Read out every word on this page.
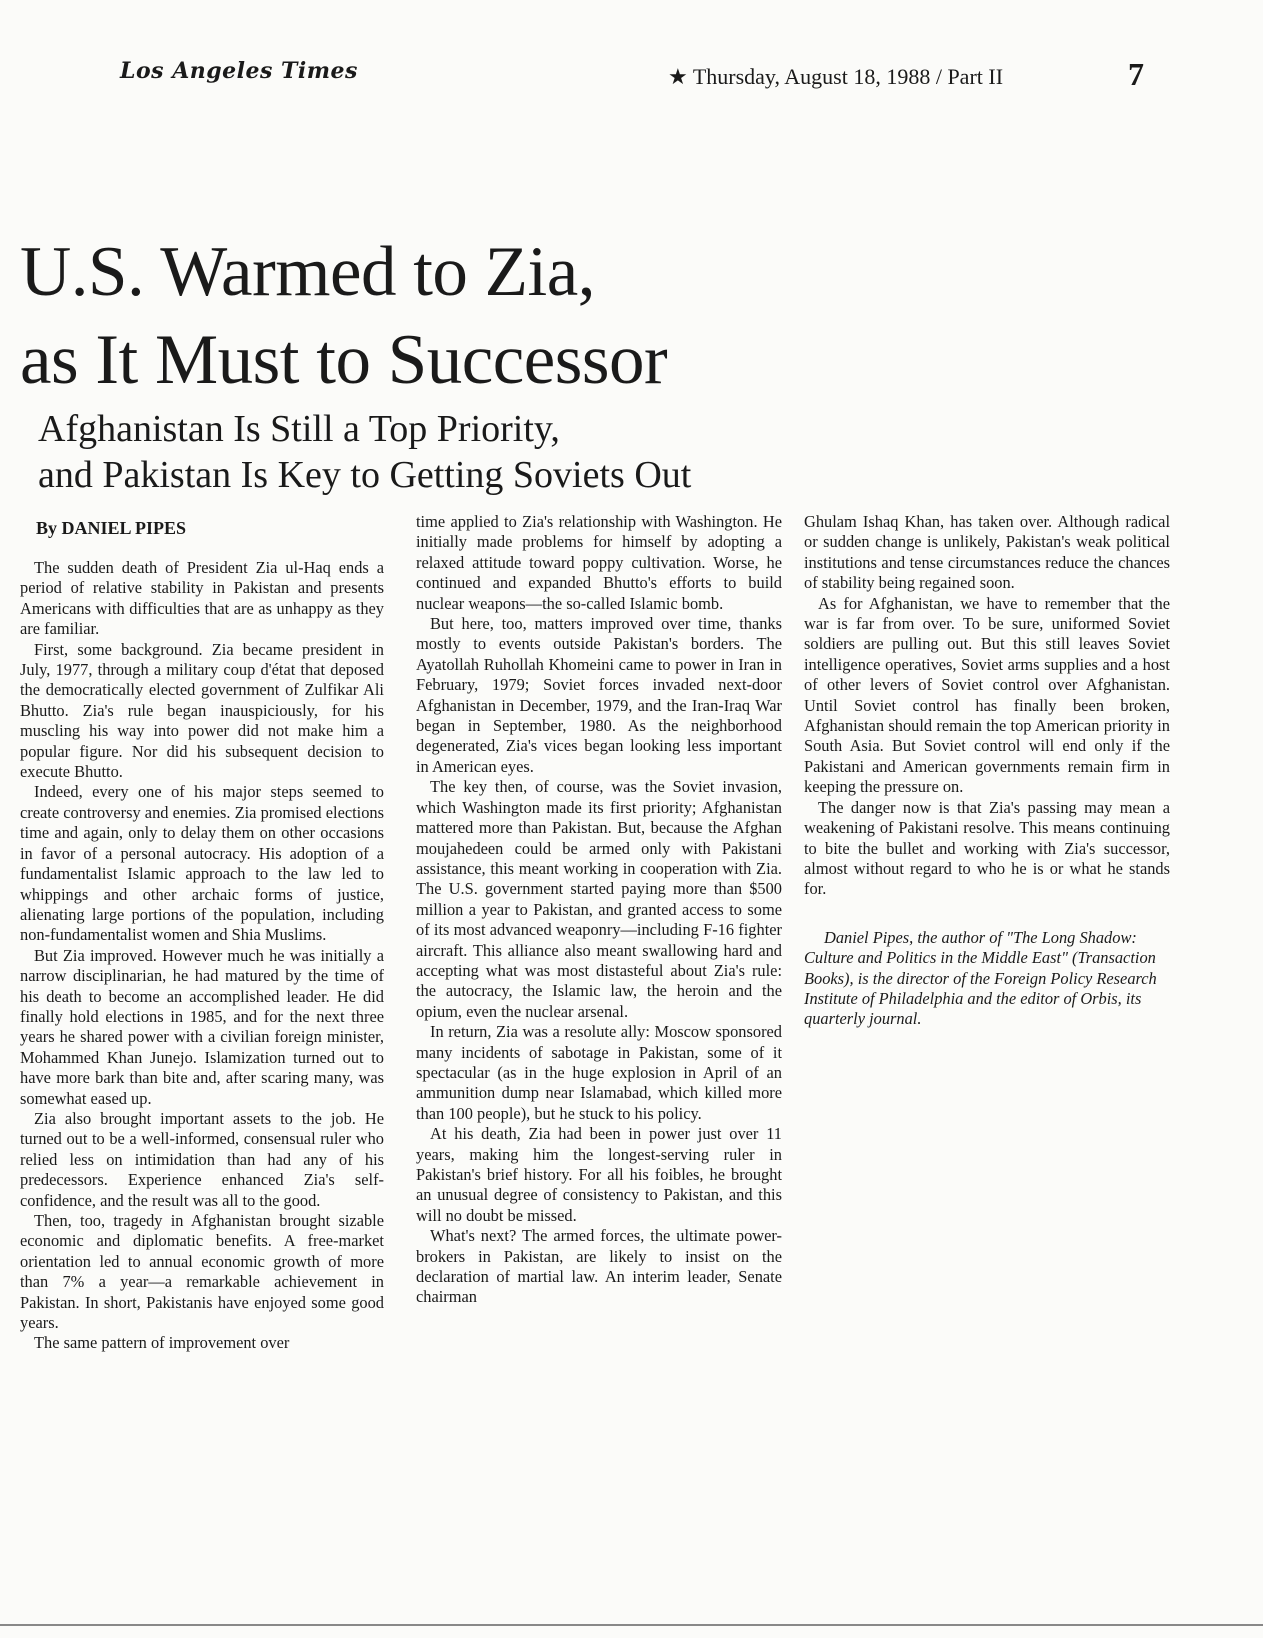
Los Angeles Times	★ Thursday, August 18, 1988 / Part II	7
U.S. Warmed to Zia,
as It Must to Successor
Afghanistan Is Still a Top Priority,
and Pakistan Is Key to Getting Soviets Out
By DANIEL PIPES

The sudden death of President Zia ul-Haq ends a period of relative stability in Pakistan and presents Americans with difficulties that are as unhappy as they are familiar.

First, some background. Zia became president in July, 1977, through a military coup d'état that deposed the democratically elected government of Zulfikar Ali Bhutto. Zia's rule began inauspiciously, for his muscling his way into power did not make him a popular figure. Nor did his subsequent decision to execute Bhutto.

Indeed, every one of his major steps seemed to create controversy and enemies. Zia promised elections time and again, only to delay them on other occasions in favor of a personal autocracy. His adoption of a fundamentalist Islamic approach to the law led to whippings and other archaic forms of justice, alienating large portions of the population, including non-fundamentalist women and Shia Muslims.

But Zia improved. However much he was initially a narrow disciplinarian, he had matured by the time of his death to become an accomplished leader. He did finally hold elections in 1985, and for the next three years he shared power with a civilian foreign minister, Mohammed Khan Junejo. Islamization turned out to have more bark than bite and, after scaring many, was somewhat eased up.

Zia also brought important assets to the job. He turned out to be a well-informed, consensual ruler who relied less on intimidation than had any of his predecessors. Experience enhanced Zia's self-confidence, and the result was all to the good.

Then, too, tragedy in Afghanistan brought sizable economic and diplomatic benefits. A free-market orientation led to annual economic growth of more than 7% a year—a remarkable achievement in Pakistan. In short, Pakistanis have enjoyed some good years.

The same pattern of improvement over

time applied to Zia's relationship with Washington. He initially made problems for himself by adopting a relaxed attitude toward poppy cultivation. Worse, he continued and expanded Bhutto's efforts to build nuclear weapons—the so-called Islamic bomb.

But here, too, matters improved over time, thanks mostly to events outside Pakistan's borders. The Ayatollah Ruhollah Khomeini came to power in Iran in February, 1979; Soviet forces invaded next-door Afghanistan in December, 1979, and the Iran-Iraq War began in September, 1980. As the neighborhood degenerated, Zia's vices began looking less important in American eyes.

The key then, of course, was the Soviet invasion, which Washington made its first priority; Afghanistan mattered more than Pakistan. But, because the Afghan moujahedeen could be armed only with Pakistani assistance, this meant working in cooperation with Zia. The U.S. government started paying more than $500 million a year to Pakistan, and granted access to some of its most advanced weaponry—including F-16 fighter aircraft. This alliance also meant swallowing hard and accepting what was most distasteful about Zia's rule: the autocracy, the Islamic law, the heroin and the opium, even the nuclear arsenal.

In return, Zia was a resolute ally: Moscow sponsored many incidents of sabotage in Pakistan, some of it spectacular (as in the huge explosion in April of an ammunition dump near Islamabad, which killed more than 100 people), but he stuck to his policy.

At his death, Zia had been in power just over 11 years, making him the longest-serving ruler in Pakistan's brief history. For all his foibles, he brought an unusual degree of consistency to Pakistan, and this will no doubt be missed.

What's next? The armed forces, the ultimate power-brokers in Pakistan, are likely to insist on the declaration of martial law. An interim leader, Senate chairman

Ghulam Ishaq Khan, has taken over. Although radical or sudden change is unlikely, Pakistan's weak political institutions and tense circumstances reduce the chances of stability being regained soon.

As for Afghanistan, we have to remember that the war is far from over. To be sure, uniformed Soviet soldiers are pulling out. But this still leaves Soviet intelligence operatives, Soviet arms supplies and a host of other levers of Soviet control over Afghanistan. Until Soviet control has finally been broken, Afghanistan should remain the top American priority in South Asia. But Soviet control will end only if the Pakistani and American governments remain firm in keeping the pressure on.

The danger now is that Zia's passing may mean a weakening of Pakistani resolve. This means continuing to bite the bullet and working with Zia's successor, almost without regard to who he is or what he stands for.

Daniel Pipes, the author of "The Long Shadow: Culture and Politics in the Middle East" (Transaction Books), is the director of the Foreign Policy Research Institute of Philadelphia and the editor of Orbis, its quarterly journal.
